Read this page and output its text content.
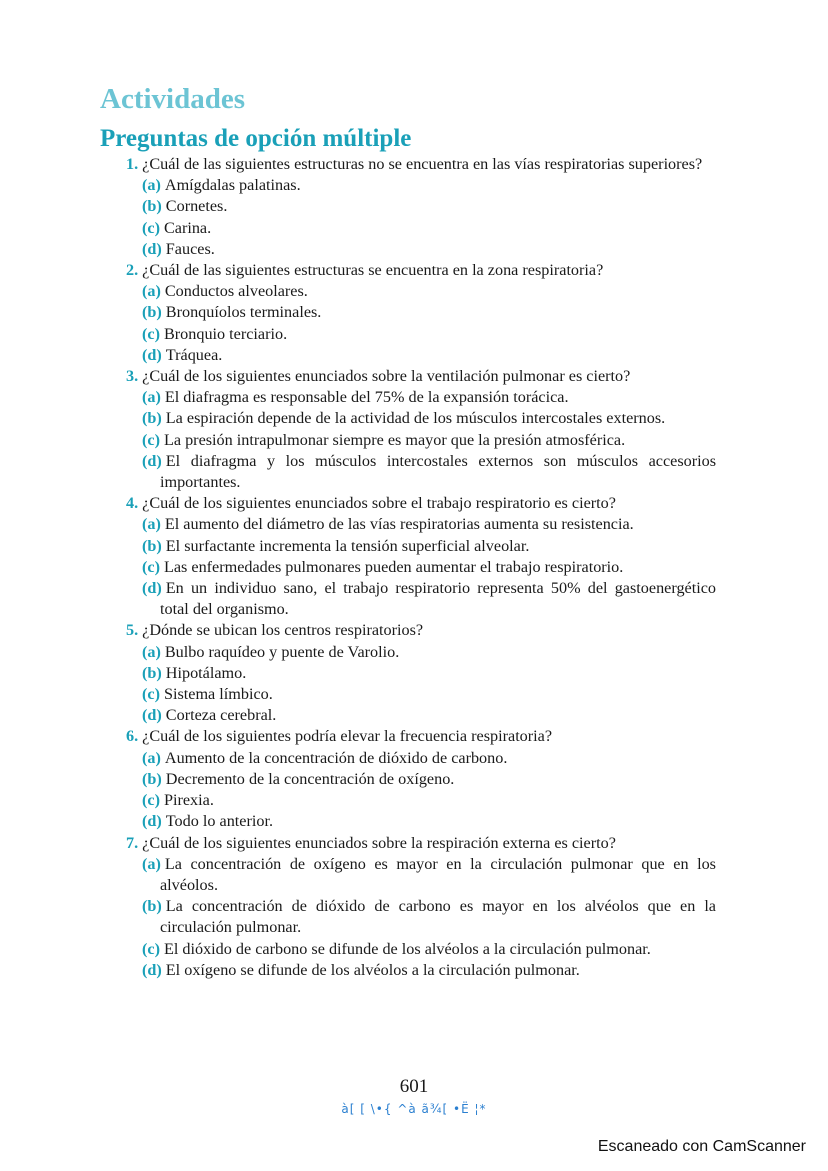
Actividades
Preguntas de opción múltiple
1. ¿Cuál de las siguientes estructuras no se encuentra en las vías respiratorias superiores?
(a) Amígdalas palatinas.
(b) Cornetes.
(c) Carina.
(d) Fauces.
2. ¿Cuál de las siguientes estructuras se encuentra en la zona respiratoria?
(a) Conductos alveolares.
(b) Bronquíolos terminales.
(c) Bronquio terciario.
(d) Tráquea.
3. ¿Cuál de los siguientes enunciados sobre la ventilación pulmonar es cierto?
(a) El diafragma es responsable del 75% de la expansión torácica.
(b) La espiración depende de la actividad de los músculos intercostales externos.
(c) La presión intrapulmonar siempre es mayor que la presión atmosférica.
(d) El diafragma y los músculos intercostales externos son músculos accesorios importantes.
4. ¿Cuál de los siguientes enunciados sobre el trabajo respiratorio es cierto?
(a) El aumento del diámetro de las vías respiratorias aumenta su resistencia.
(b) El surfactante incrementa la tensión superficial alveolar.
(c) Las enfermedades pulmonares pueden aumentar el trabajo respiratorio.
(d) En un individuo sano, el trabajo respiratorio representa 50% del gastoenergético total del organismo.
5. ¿Dónde se ubican los centros respiratorios?
(a) Bulbo raquídeo y puente de Varolio.
(b) Hipotálamo.
(c) Sistema límbico.
(d) Corteza cerebral.
6. ¿Cuál de los siguientes podría elevar la frecuencia respiratoria?
(a) Aumento de la concentración de dióxido de carbono.
(b) Decremento de la concentración de oxígeno.
(c) Pirexia.
(d) Todo lo anterior.
7. ¿Cuál de los siguientes enunciados sobre la respiración externa es cierto?
(a) La concentración de oxígeno es mayor en la circulación pulmonar que en los alvéolos.
(b) La concentración de dióxido de carbono es mayor en los alvéolos que en la circulación pulmonar.
(c) El dióxido de carbono se difunde de los alvéolos a la circulación pulmonar.
(d) El oxígeno se difunde de los alvéolos a la circulación pulmonar.
601
à[ [ \•{ ^à ã¾[ •Ë ¦*
Escaneado con CamScanner
